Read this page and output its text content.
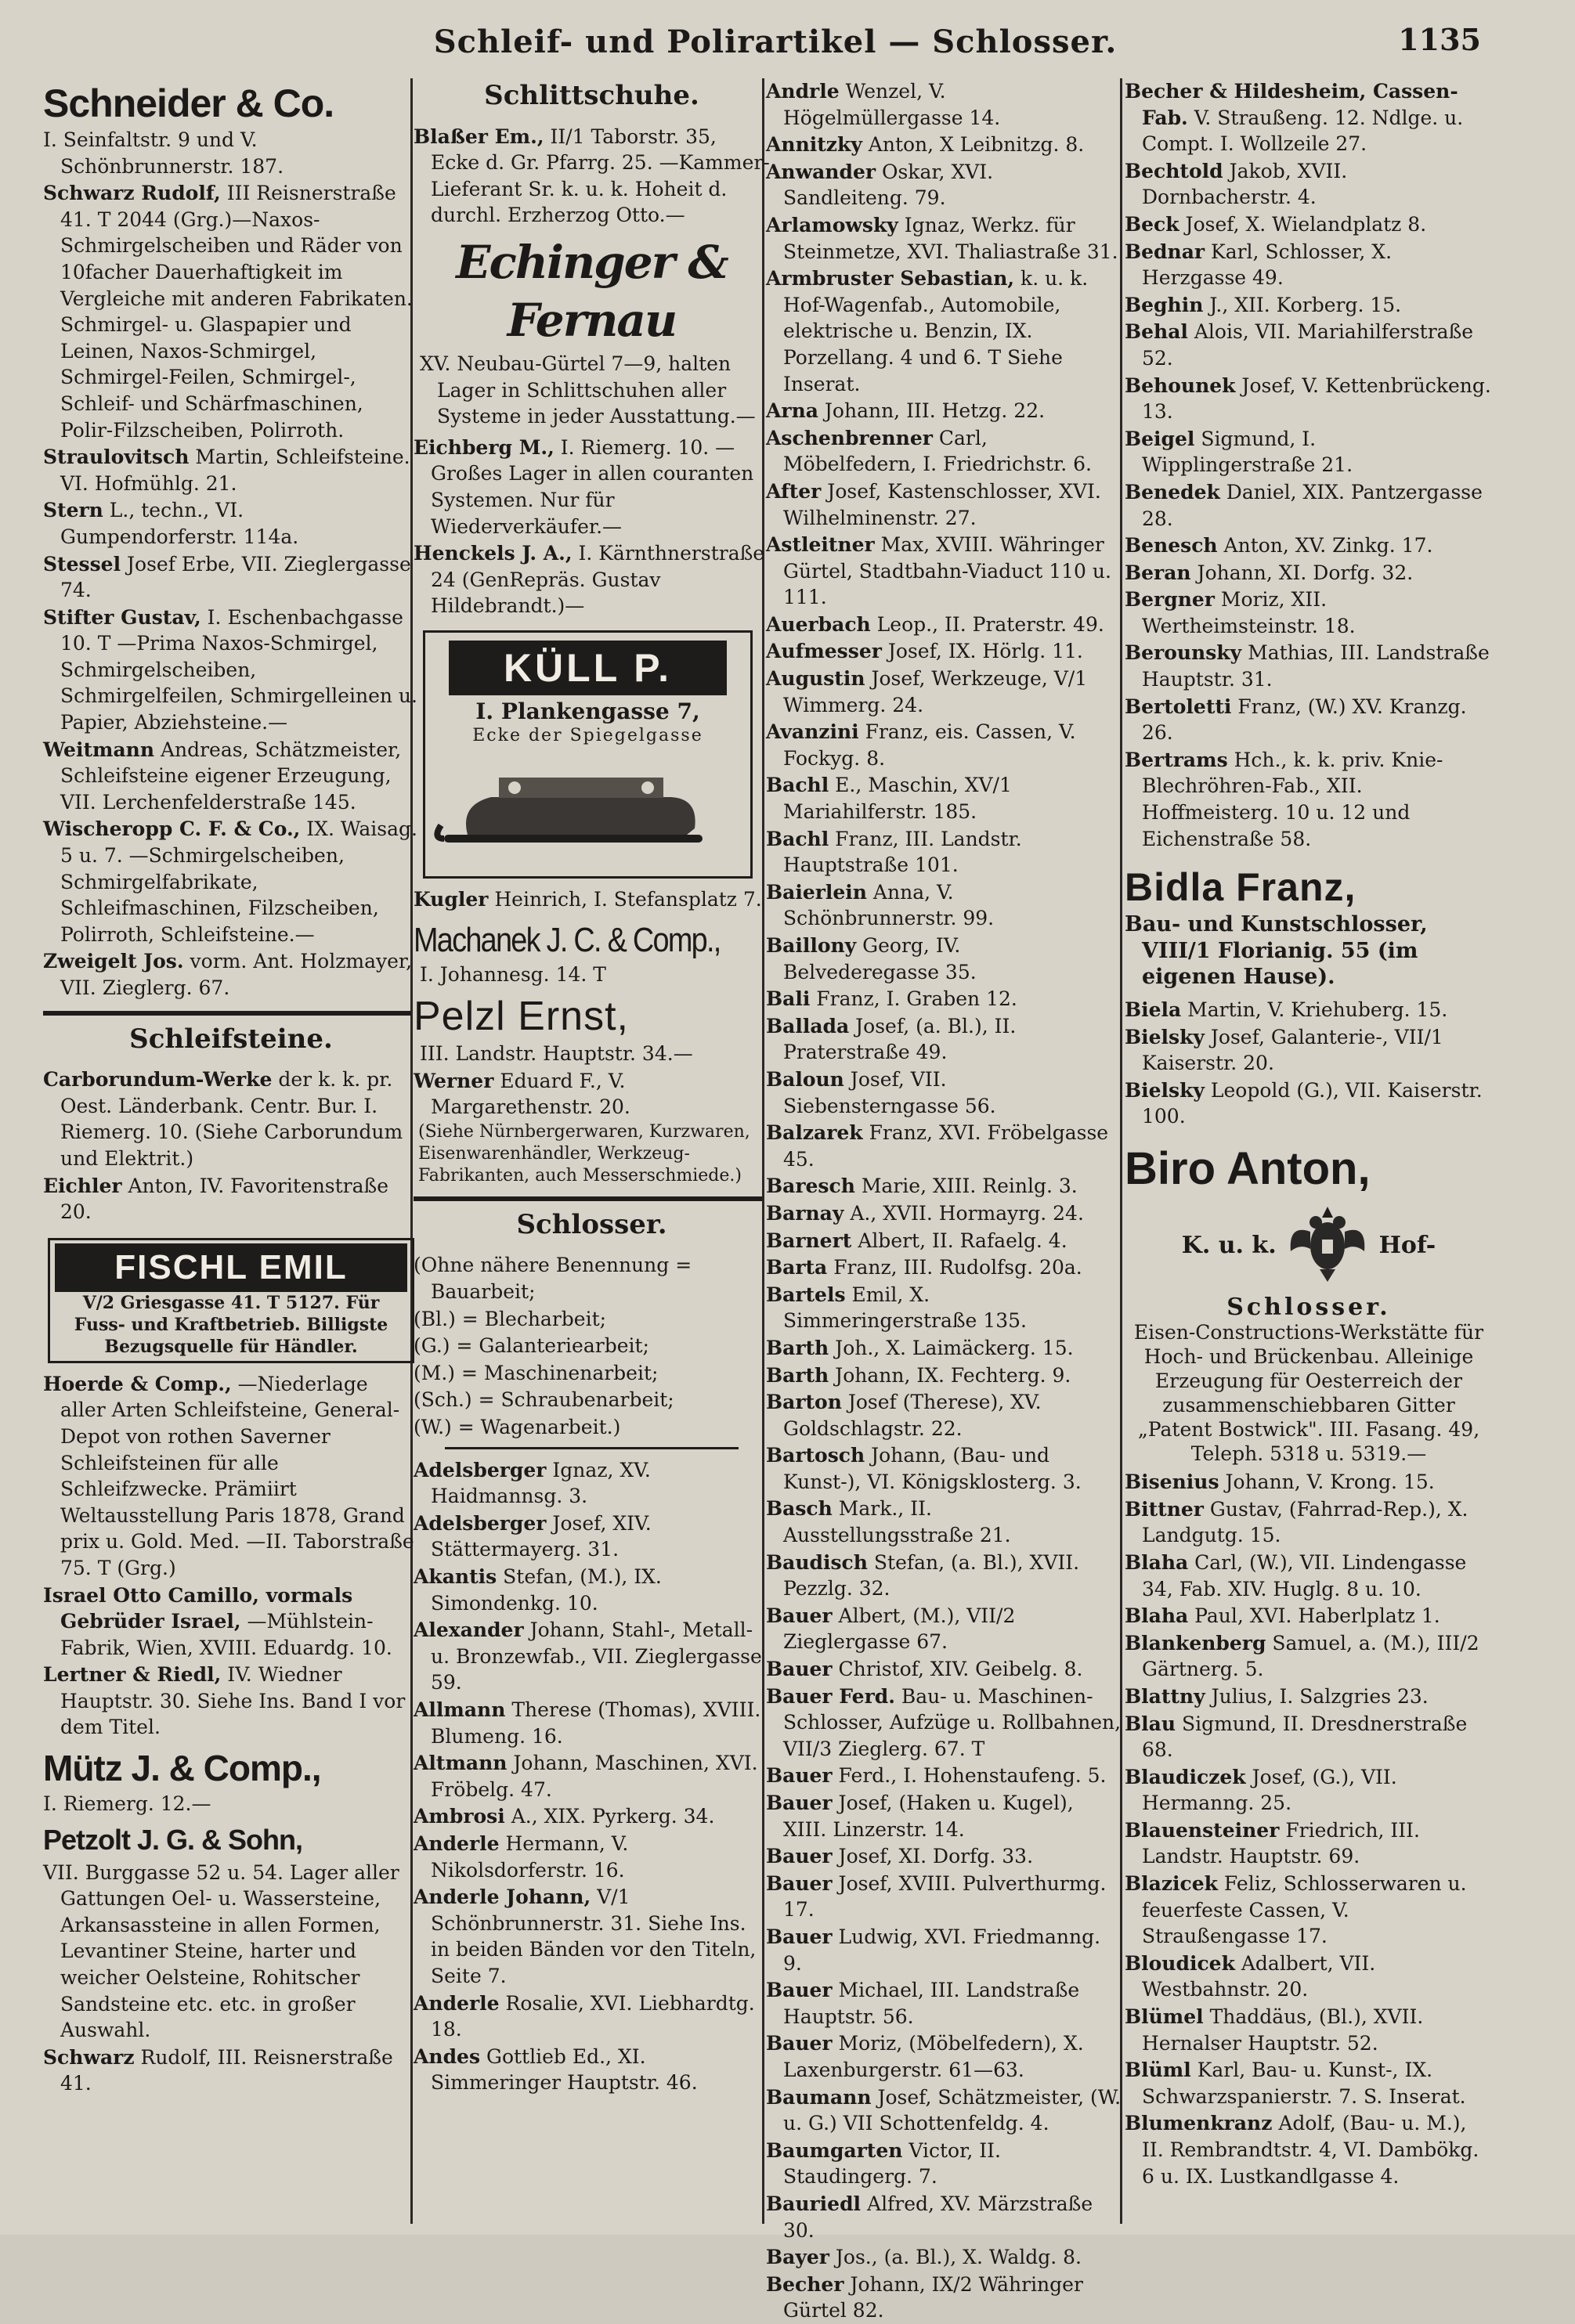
Schleif- und Polirartikel — Schlosser.	1135
Schneider & Co.
I. Seinfaltstr. 9 und V. Schönbrunnerstr. 187.
Schwarz Rudolf, III Reisnerstraße 41. T 2044 (Grg.)—Naxos-Schmirgelscheiben und Räder von 10facher Dauerhaftigkeit im Vergleiche mit anderen Fabrikaten. Schmirgel- u. Glaspapier und Leinen, Naxos-Schmirgel, Schmirgel-Feilen, Schmirgel-, Schleif- und Schärfmaschinen, Polir-Filzscheiben, Polirroth.
Straulovitsch Martin, Schleifsteine. VI. Hofmühlg. 21.
Stern L., techn., VI. Gumpendorferstr. 114a.
Stessel Josef Erbe, VII. Zieglergasse 74.
Stifter Gustav, I. Eschenbachgasse 10. T —Prima Naxos-Schmirgel, Schmirgelscheiben, Schmirgelfeilen, Schmirgelleinen u. Papier, Abziehsteine.—
Weitmann Andreas, Schätzmeister, Schleifsteine eigener Erzeugung, VII. Lerchenfelderstraße 145.
Wischeropp C. F. & Co., IX. Waisag. 5 u. 7. —Schmirgelscheiben, Schmirgelfabrikate, Schleifmaschinen, Filzscheiben, Polirroth, Schleifsteine.—
Zweigelt Jos. vorm. Ant. Holzmayer, VII. Zieglerg. 67.
Schleifsteine.
Carborundum-Werke der k. k. pr. Oest. Länderbank. Centr. Bur. I. Riemerg. 10. (Siehe Carborundum und Elektrit.)
Eichler Anton, IV. Favoritenstraße 20.
FISCHL EMIL
V/2 Griesgasse 41. T 5127. Für Fuss- und Kraftbetrieb. Billigste Bezugsquelle für Händler.
Hoerde & Comp., —Niederlage aller Arten Schleifsteine, General-Depot von rothen Saverner Schleifsteinen für alle Schleifzwecke. Prämiirt Weltausstellung Paris 1878, Grand prix u. Gold. Med. —II. Taborstraße 75. T (Grg.)
Israel Otto Camillo, vormals Gebrüder Israel, —Mühlstein-Fabrik, Wien, XVIII. Eduardg. 10.
Lertner & Riedl, IV. Wiedner Hauptstr. 30. Siehe Ins. Band I vor dem Titel.
Mütz J. & Comp.,
I. Riemerg. 12.—
Petzolt J. G. & Sohn,
VII. Burggasse 52 u. 54. Lager aller Gattungen Oel- u. Wassersteine, Arkansassteine in allen Formen, Levantiner Steine, harter und weicher Oelsteine, Rohitscher Sandsteine etc. etc. in großer Auswahl.
Schwarz Rudolf, III. Reisnerstraße 41.
Schlittschuhe.
Blaßer Em., II/1 Taborstr. 35, Ecke d. Gr. Pfarrg. 25. —Kammer-Lieferant Sr. k. u. k. Hoheit d. durchl. Erzherzog Otto.—
Echinger & Fernau
XV. Neubau-Gürtel 7—9, halten Lager in Schlittschuhen aller Systeme in jeder Ausstattung.—
Eichberg M., I. Riemerg. 10. —Großes Lager in allen couranten Systemen. Nur für Wiederverkäufer.—
Henckels J. A., I. Kärnthnerstraße 24 (GenRepräs. Gustav Hildebrandt.)—
KÜLL P.
I. Plankengasse 7,
Ecke der Spiegelgasse
Kugler Heinrich, I. Stefansplatz 7.
Machanek J. C. & Comp.,
I. Johannesg. 14. T
Pelzl Ernst,
III. Landstr. Hauptstr. 34.—
Werner Eduard F., V. Margarethenstr. 20.
(Siehe Nürnbergerwaren, Kurzwaren, Eisenwarenhändler, Werkzeug-Fabrikanten, auch Messerschmiede.)
Schlosser.
(Ohne nähere Benennung = Bauarbeit;
(Bl.) = Blecharbeit;
(G.) = Galanteriearbeit;
(M.) = Maschinenarbeit;
(Sch.) = Schraubenarbeit;
(W.) = Wagenarbeit.)
Adelsberger Ignaz, XV. Haidmannsg. 3.
Adelsberger Josef, XIV. Stättermayerg. 31.
Akantis Stefan, (M.), IX. Simondenkg. 10.
Alexander Johann, Stahl-, Metall- u. Bronzewfab., VII. Zieglergasse 59.
Allmann Therese (Thomas), XVIII. Blumeng. 16.
Altmann Johann, Maschinen, XVI. Fröbelg. 47.
Ambrosi A., XIX. Pyrkerg. 34.
Anderle Hermann, V. Nikolsdorferstr. 16.
Anderle Johann, V/1 Schönbrunnerstr. 31. Siehe Ins. in beiden Bänden vor den Titeln, Seite 7.
Anderle Rosalie, XVI. Liebhardtg. 18.
Andes Gottlieb Ed., XI. Simmeringer Hauptstr. 46.
Andrle Wenzel, V. Högelmüllergasse 14.
Annitzky Anton, X Leibnitzg. 8.
Anwander Oskar, XVI. Sandleiteng. 79.
Arlamowsky Ignaz, Werkz. für Steinmetze, XVI. Thaliastraße 31.
Armbruster Sebastian, k. u. k. Hof-Wagenfab., Automobile, elektrische u. Benzin, IX. Porzellang. 4 und 6. T Siehe Inserat.
Arna Johann, III. Hetzg. 22.
Aschenbrenner Carl, Möbelfedern, I. Friedrichstr. 6.
After Josef, Kastenschlosser, XVI. Wilhelminenstr. 27.
Astleitner Max, XVIII. Währinger Gürtel, Stadtbahn-Viaduct 110 u. 111.
Auerbach Leop., II. Praterstr. 49.
Aufmesser Josef, IX. Hörlg. 11.
Augustin Josef, Werkzeuge, V/1 Wimmerg. 24.
Avanzini Franz, eis. Cassen, V. Fockyg. 8.
Bachl E., Maschin, XV/1 Mariahilferstr. 185.
Bachl Franz, III. Landstr. Hauptstraße 101.
Baierlein Anna, V. Schönbrunnerstr. 99.
Baillony Georg, IV. Belvederegasse 35.
Bali Franz, I. Graben 12.
Ballada Josef, (a. Bl.), II. Praterstraße 49.
Baloun Josef, VII. Siebensterngasse 56.
Balzarek Franz, XVI. Fröbelgasse 45.
Baresch Marie, XIII. Reinlg. 3.
Barnay A., XVII. Hormayrg. 24.
Barnert Albert, II. Rafaelg. 4.
Barta Franz, III. Rudolfsg. 20a.
Bartels Emil, X. Simmeringerstraße 135.
Barth Joh., X. Laimäckerg. 15.
Barth Johann, IX. Fechterg. 9.
Barton Josef (Therese), XV. Goldschlagstr. 22.
Bartosch Johann, (Bau- und Kunst-), VI. Königsklosterg. 3.
Basch Mark., II. Ausstellungsstraße 21.
Baudisch Stefan, (a. Bl.), XVII. Pezzlg. 32.
Bauer Albert, (M.), VII/2 Zieglergasse 67.
Bauer Christof, XIV. Geibelg. 8.
Bauer Ferd. Bau- u. Maschinen-Schlosser, Aufzüge u. Rollbahnen, VII/3 Zieglerg. 67. T
Bauer Ferd., I. Hohenstaufeng. 5.
Bauer Josef, (Haken u. Kugel), XIII. Linzerstr. 14.
Bauer Josef, XI. Dorfg. 33.
Bauer Josef, XVIII. Pulverthurmg. 17.
Bauer Ludwig, XVI. Friedmanng. 9.
Bauer Michael, III. Landstraße Hauptstr. 56.
Bauer Moriz, (Möbelfedern), X. Laxenburgerstr. 61—63.
Baumann Josef, Schätzmeister, (W. u. G.) VII Schottenfeldg. 4.
Baumgarten Victor, II. Staudingerg. 7.
Bauriedl Alfred, XV. Märzstraße 30.
Bayer Jos., (a. Bl.), X. Waldg. 8.
Becher Johann, IX/2 Währinger Gürtel 82.
Becher & Hildesheim, Cassen-Fab. V. Straußeng. 12. Ndlge. u. Compt. I. Wollzeile 27.
Bechtold Jakob, XVII. Dornbacherstr. 4.
Beck Josef, X. Wielandplatz 8.
Bednar Karl, Schlosser, X. Herzgasse 49.
Beghin J., XII. Korberg. 15.
Behal Alois, VII. Mariahilferstraße 52.
Behounek Josef, V. Kettenbrückeng. 13.
Beigel Sigmund, I. Wipplingerstraße 21.
Benedek Daniel, XIX. Pantzergasse 28.
Benesch Anton, XV. Zinkg. 17.
Beran Johann, XI. Dorfg. 32.
Bergner Moriz, XII. Wertheimsteinstr. 18.
Berounsky Mathias, III. Landstraße Hauptstr. 31.
Bertoletti Franz, (W.) XV. Kranzg. 26.
Bertrams Hch., k. k. priv. Knie-Blechröhren-Fab., XII. Hoffmeisterg. 10 u. 12 und Eichenstraße 58.
Bidla Franz,
Bau- und Kunstschlosser, VIII/1 Florianig. 55 (im eigenen Hause).
Biela Martin, V. Kriehuberg. 15.
Bielsky Josef, Galanterie-, VII/1 Kaiserstr. 20.
Bielsky Leopold (G.), VII. Kaiserstr. 100.
Biro Anton,
K. u. k.	Hof-
Schlosser.
Eisen-Constructions-Werkstätte für Hoch- und Brückenbau. Alleinige Erzeugung für Oesterreich der zusammenschiebbaren Gitter „Patent Bostwick". III. Fasang. 49, Teleph. 5318 u. 5319.—
Bisenius Johann, V. Krong. 15.
Bittner Gustav, (Fahrrad-Rep.), X. Landgutg. 15.
Blaha Carl, (W.), VII. Lindengasse 34, Fab. XIV. Huglg. 8 u. 10.
Blaha Paul, XVI. Haberlplatz 1.
Blankenberg Samuel, a. (M.), III/2 Gärtnerg. 5.
Blattny Julius, I. Salzgries 23.
Blau Sigmund, II. Dresdnerstraße 68.
Blaudiczek Josef, (G.), VII. Hermanng. 25.
Blauensteiner Friedrich, III. Landstr. Hauptstr. 69.
Blazicek Feliz, Schlosserwaren u. feuerfeste Cassen, V. Straußengasse 17.
Bloudicek Adalbert, VII. Westbahnstr. 20.
Blümel Thaddäus, (Bl.), XVII. Hernalser Hauptstr. 52.
Blüml Karl, Bau- u. Kunst-, IX. Schwarzspanierstr. 7. S. Inserat.
Blumenkranz Adolf, (Bau- u. M.), II. Rembrandtstr. 4, VI. Dambökg. 6 u. IX. Lustkandlgasse 4.
